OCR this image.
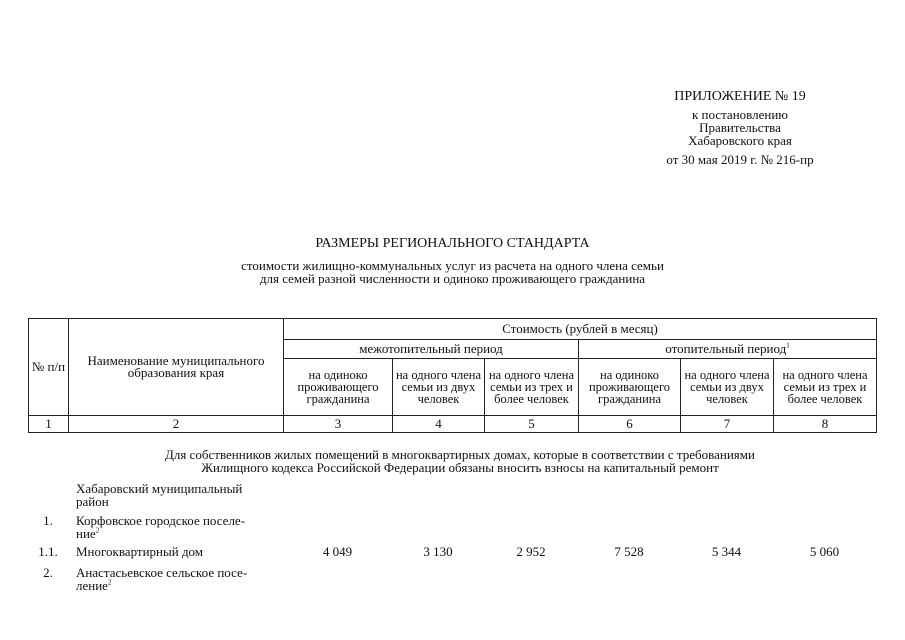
ПРИЛОЖЕНИЕ № 19
к постановлению
Правительства
Хабаровского края
от 30 мая 2019 г. № 216-пр
РАЗМЕРЫ РЕГИОНАЛЬНОГО СТАНДАРТА
стоимости жилищно-коммунальных услуг из расчета на одного члена семьи
для семей разной численности и одиноко проживающего гражданина
№ п/п	Наименование муниципального образования края	Стоимость (рублей в месяц)					
		межотопительный период			отопительный период$^1$
		на одиноко проживающего гражданина	на одного члена семьи из двух человек	на одного члена семьи из трех и более человек	на одиноко проживающего гражданина	на одного члена семьи из двух человек	на одного члена семьи из трех и более человек
1	2	3	4	5	6	7	8
Для собственников жилых помещений в многоквартирных домах, которые в соответствии с требованиями
Жилищного кодекса Российской Федерации обязаны вносить взносы на капитальный ремонт
Хабаровский муниципальный
район
1.	Корфовское городское поселе-
ние$^2$
1.1.	Многоквартирный дом	4 049	3 130	2 952	7 528	5 344	5 060
2.	Анастасьевское сельское посе-
ление$^2$
